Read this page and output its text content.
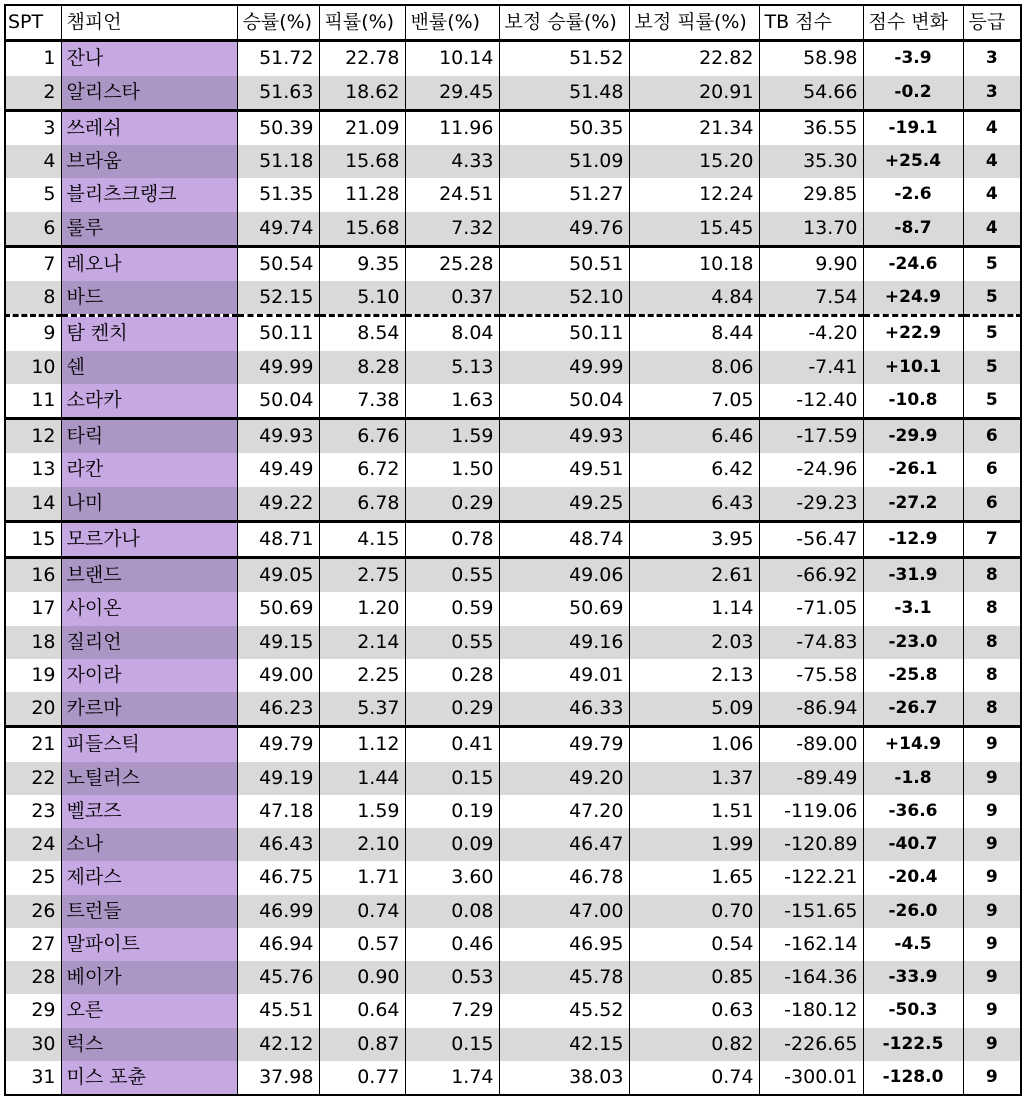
SPT	챔피언	승률(%)	픽률(%)	밴률(%)	보정 승률(%)	보정 픽률(%)	TB 점수	점수 변화	등급
1	잔나	51.72	22.78	10.14	51.52	22.82	58.98	-3.9	3
2	알리스타	51.63	18.62	29.45	51.48	20.91	54.66	-0.2	3
3	쓰레쉬	50.39	21.09	11.96	50.35	21.34	36.55	-19.1	4
4	브라움	51.18	15.68	4.33	51.09	15.20	35.30	+25.4	4
5	블리츠크랭크	51.35	11.28	24.51	51.27	12.24	29.85	-2.6	4
6	룰루	49.74	15.68	7.32	49.76	15.45	13.70	-8.7	4
7	레오나	50.54	9.35	25.28	50.51	10.18	9.90	-24.6	5
8	바드	52.15	5.10	0.37	52.10	4.84	7.54	+24.9	5
9	탐 켄치	50.11	8.54	8.04	50.11	8.44	-4.20	+22.9	5
10	쉔	49.99	8.28	5.13	49.99	8.06	-7.41	+10.1	5
11	소라카	50.04	7.38	1.63	50.04	7.05	-12.40	-10.8	5
12	타릭	49.93	6.76	1.59	49.93	6.46	-17.59	-29.9	6
13	라칸	49.49	6.72	1.50	49.51	6.42	-24.96	-26.1	6
14	나미	49.22	6.78	0.29	49.25	6.43	-29.23	-27.2	6
15	모르가나	48.71	4.15	0.78	48.74	3.95	-56.47	-12.9	7
16	브랜드	49.05	2.75	0.55	49.06	2.61	-66.92	-31.9	8
17	사이온	50.69	1.20	0.59	50.69	1.14	-71.05	-3.1	8
18	질리언	49.15	2.14	0.55	49.16	2.03	-74.83	-23.0	8
19	자이라	49.00	2.25	0.28	49.01	2.13	-75.58	-25.8	8
20	카르마	46.23	5.37	0.29	46.33	5.09	-86.94	-26.7	8
21	피들스틱	49.79	1.12	0.41	49.79	1.06	-89.00	+14.9	9
22	노틸러스	49.19	1.44	0.15	49.20	1.37	-89.49	-1.8	9
23	벨코즈	47.18	1.59	0.19	47.20	1.51	-119.06	-36.6	9
24	소나	46.43	2.10	0.09	46.47	1.99	-120.89	-40.7	9
25	제라스	46.75	1.71	3.60	46.78	1.65	-122.21	-20.4	9
26	트런들	46.99	0.74	0.08	47.00	0.70	-151.65	-26.0	9
27	말파이트	46.94	0.57	0.46	46.95	0.54	-162.14	-4.5	9
28	베이가	45.76	0.90	0.53	45.78	0.85	-164.36	-33.9	9
29	오른	45.51	0.64	7.29	45.52	0.63	-180.12	-50.3	9
30	럭스	42.12	0.87	0.15	42.15	0.82	-226.65	-122.5	9
31	미스 포츈	37.98	0.77	1.74	38.03	0.74	-300.01	-128.0	9
